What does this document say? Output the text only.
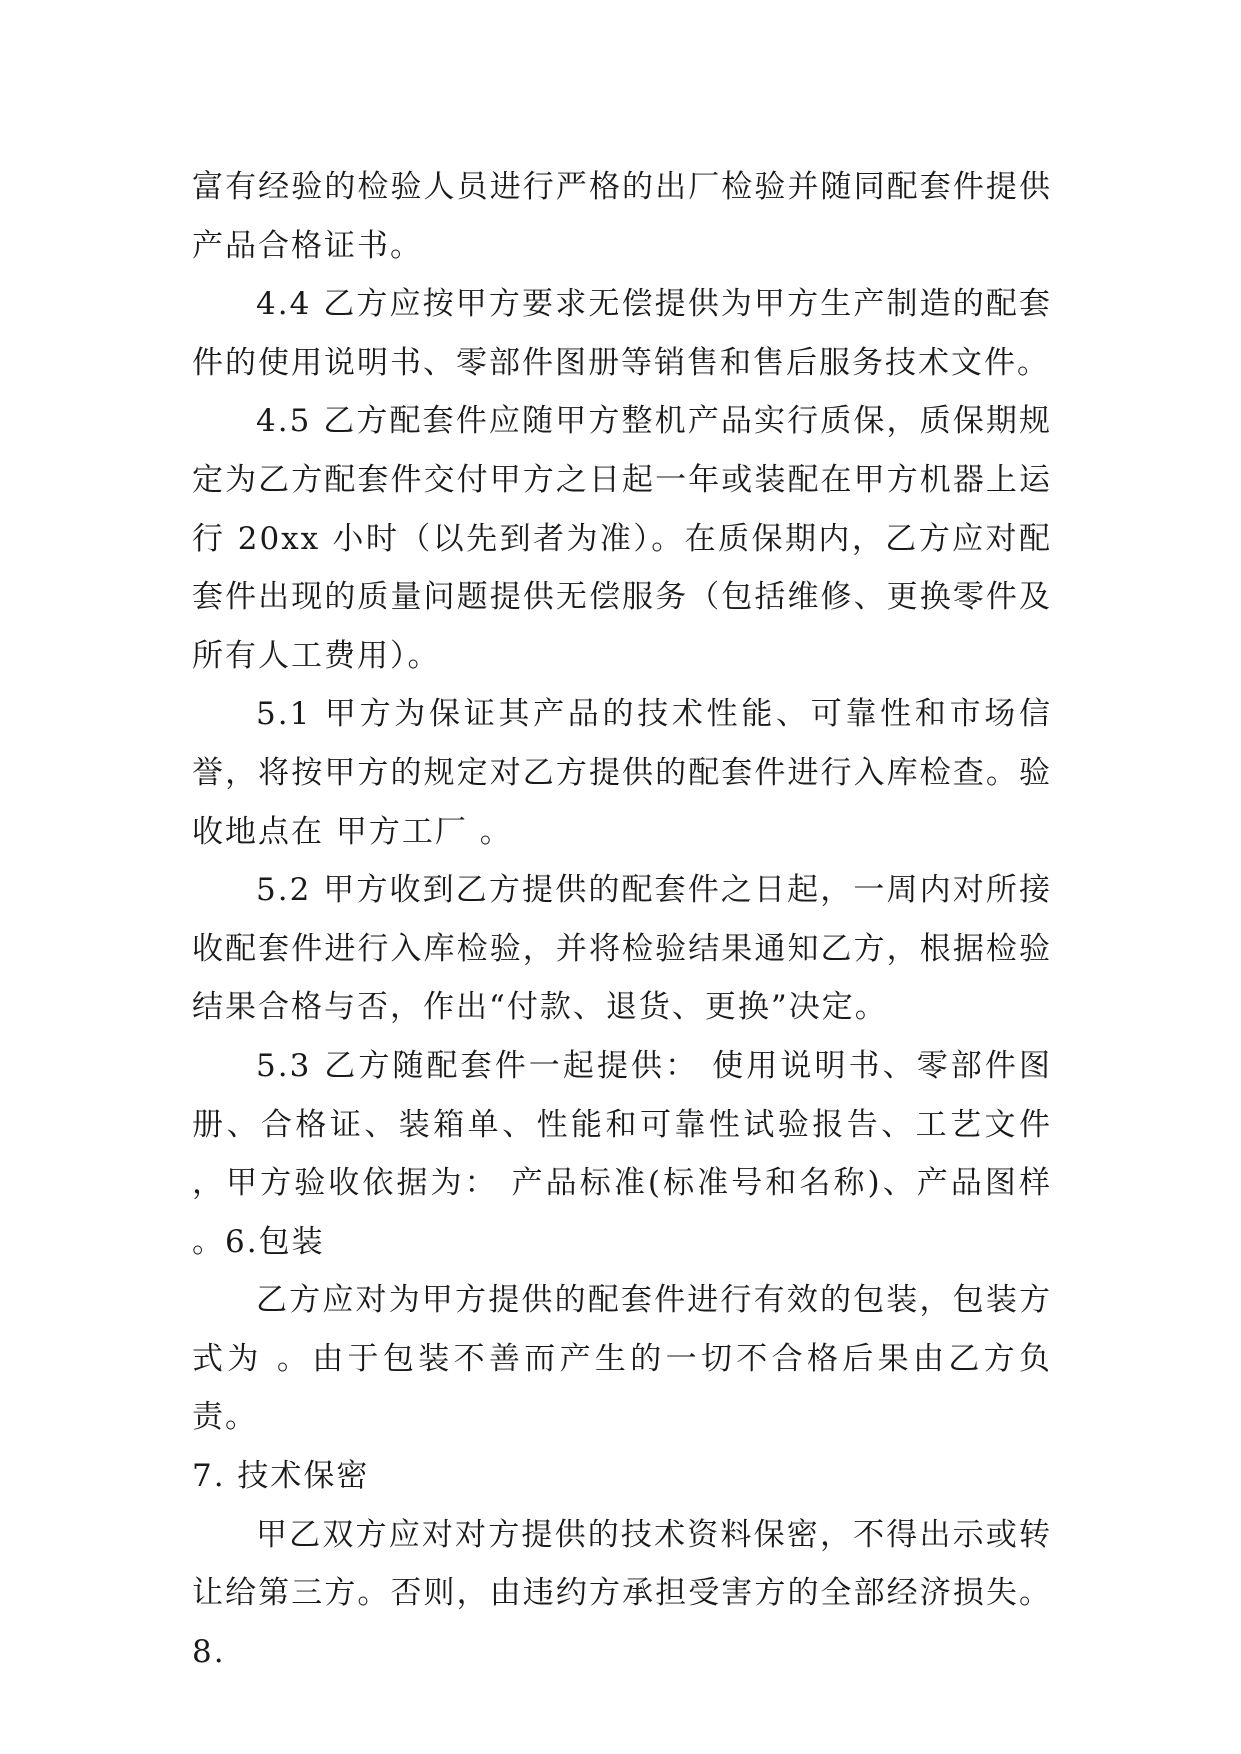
富有经验的检验人员进行严格的出厂检验并随同配套件提供产品合格证书。

4.4 乙方应按甲方要求无偿提供为甲方生产制造的配套件的使用说明书、零部件图册等销售和售后服务技术文件。

4.5 乙方配套件应随甲方整机产品实行质保，质保期规定为乙方配套件交付甲方之日起一年或装配在甲方机器上运行 20xx 小时（以先到者为准）。在质保期内，乙方应对配套件出现的质量问题提供无偿服务（包括维修、更换零件及所有人工费用）。

5.1 甲方为保证其产品的技术性能、可靠性和市场信誉，将按甲方的规定对乙方提供的配套件进行入库检查。验收地点在 甲方工厂 。

5.2 甲方收到乙方提供的配套件之日起，一周内对所接收配套件进行入库检验，并将检验结果通知乙方，根据检验结果合格与否，作出“付款、退货、更换”决定。

5.3 乙方随配套件一起提供： 使用说明书、零部件图册、合格证、装箱单、性能和可靠性试验报告、工艺文件 ，甲方验收依据为： 产品标准(标准号和名称)、产品图样 。6.包装

乙方应对为甲方提供的配套件进行有效的包装，包装方式为 。由于包装不善而产生的一切不合格后果由乙方负责。

7. 技术保密

甲乙双方应对对方提供的技术资料保密，不得出示或转让给第三方。否则，由违约方承担受害方的全部经济损失。8.
